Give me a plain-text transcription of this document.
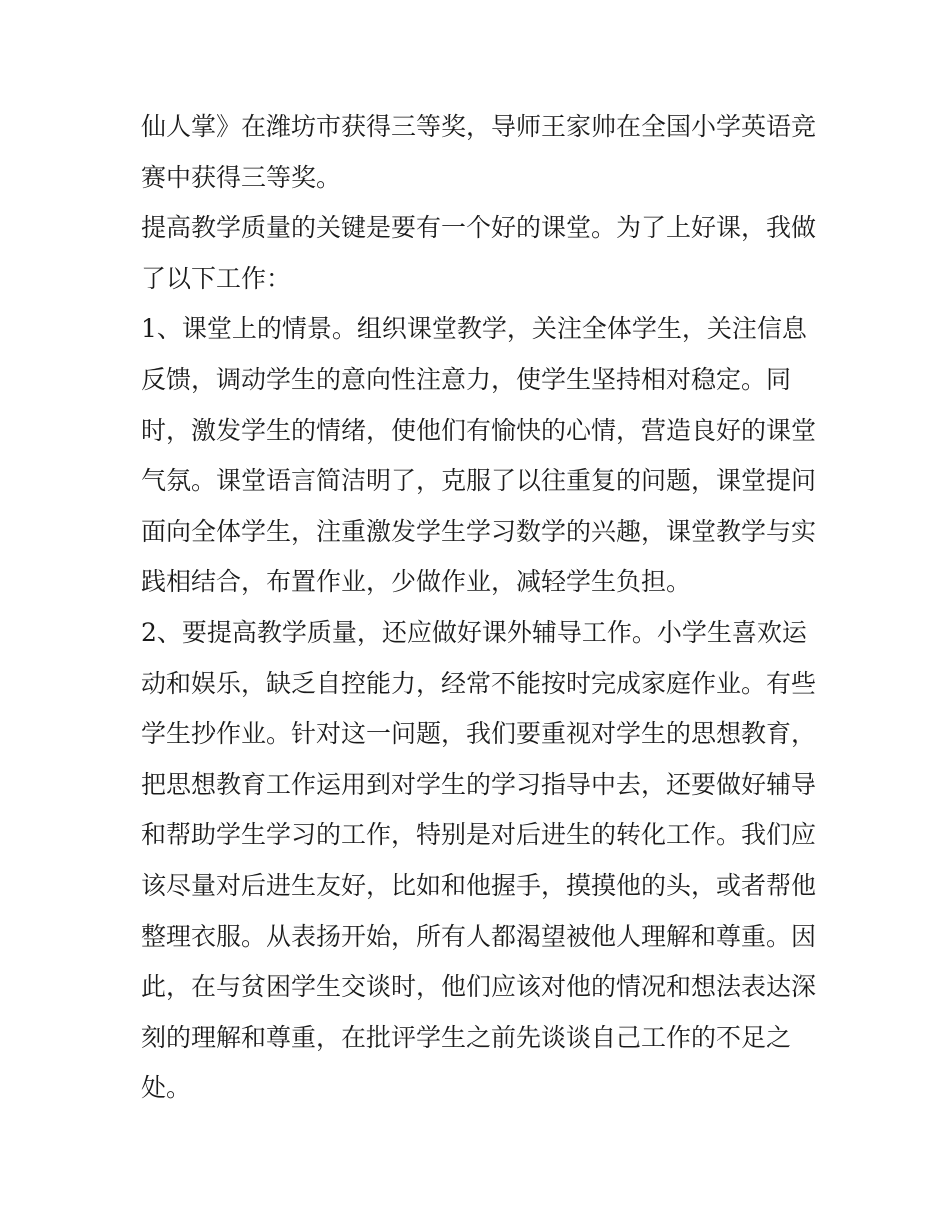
仙人掌》在潍坊市获得三等奖，导师王家帅在全国小学英语竞
赛中获得三等奖。

提高教学质量的关键是要有一个好的课堂。为了上好课，我做
了以下工作：

1、课堂上的情景。组织课堂教学，关注全体学生，关注信息
反馈，调动学生的意向性注意力，使学生坚持相对稳定。同
时，激发学生的情绪，使他们有愉快的心情，营造良好的课堂
气氛。课堂语言简洁明了，克服了以往重复的问题，课堂提问
面向全体学生，注重激发学生学习数学的兴趣，课堂教学与实
践相结合，布置作业，少做作业，减轻学生负担。

2、要提高教学质量，还应做好课外辅导工作。小学生喜欢运
动和娱乐，缺乏自控能力，经常不能按时完成家庭作业。有些
学生抄作业。针对这一问题，我们要重视对学生的思想教育，
把思想教育工作运用到对学生的学习指导中去，还要做好辅导
和帮助学生学习的工作，特别是对后进生的转化工作。我们应
该尽量对后进生友好，比如和他握手，摸摸他的头，或者帮他
整理衣服。从表扬开始，所有人都渴望被他人理解和尊重。因
此，在与贫困学生交谈时，他们应该对他的情况和想法表达深
刻的理解和尊重，在批评学生之前先谈谈自己工作的不足之
处。
